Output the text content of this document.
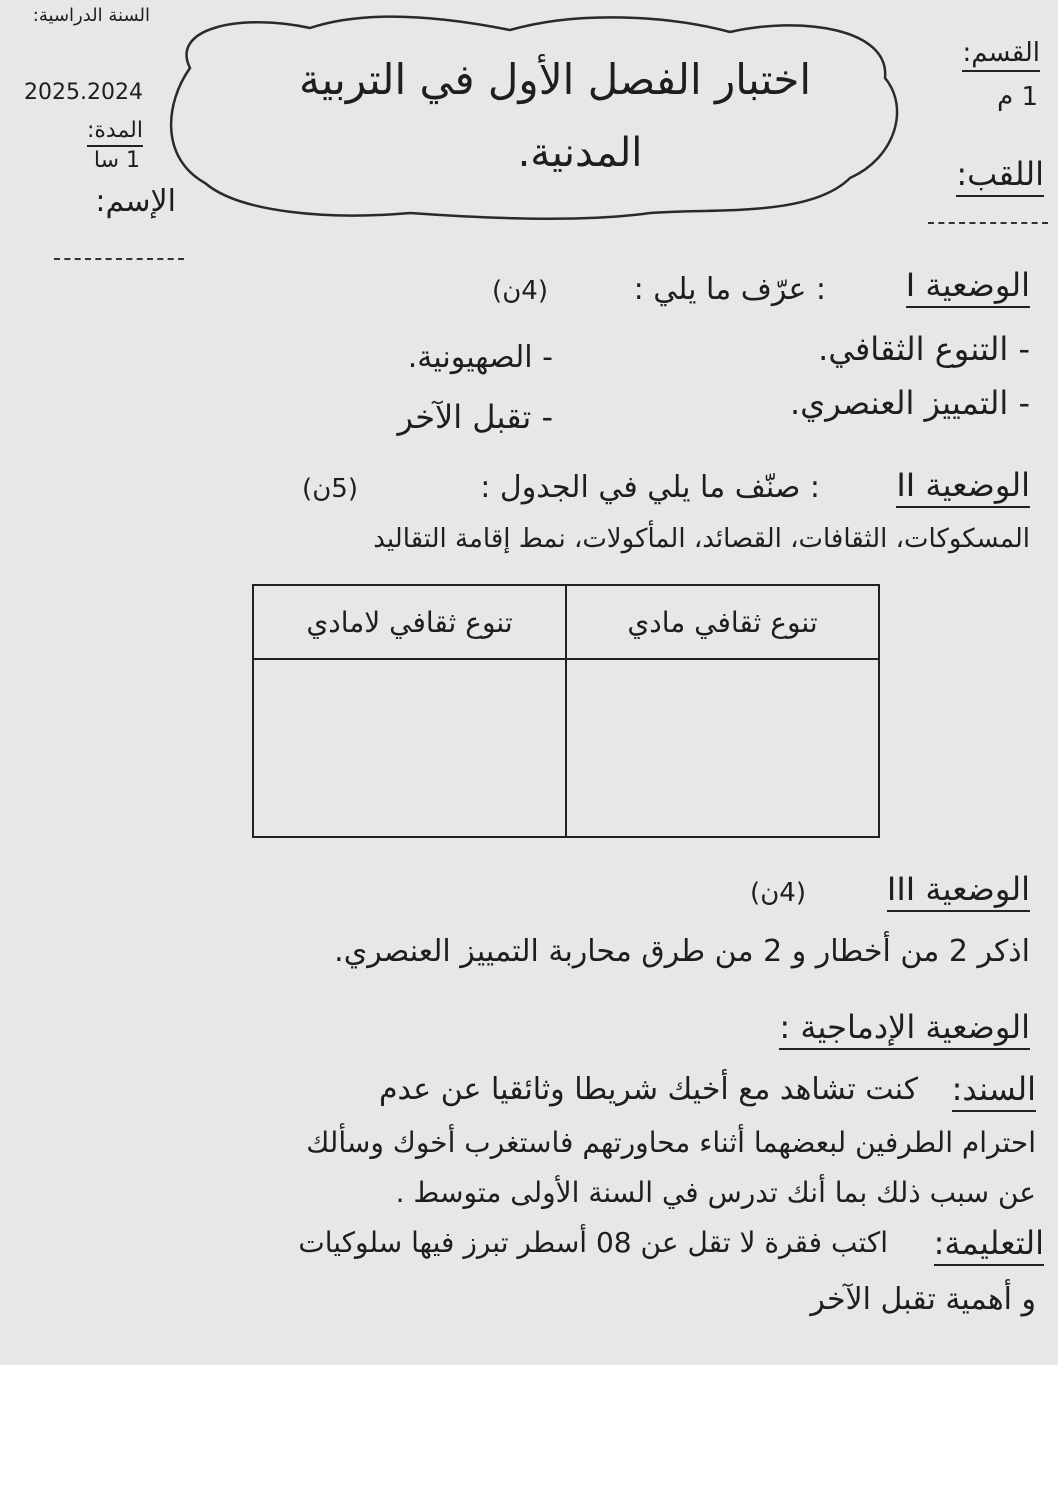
اختبار الفصل الأول في التربية
المدنية.
القسم:
1 م
اللقب:
السنة الدراسية:
2025.2024
المدة:
1 سا
الإسم:
الوضعية I
: عرّف ما يلي :
(4ن)
- التنوع الثقافي.
- الصهيونية.
- التمييز العنصري.
- تقبل الآخر
الوضعية II
: صنّف ما يلي في الجدول :
(5ن)
المسكوكات، الثقافات، القصائد، المأكولات، نمط إقامة التقاليد
تنوع ثقافي مادي	تنوع ثقافي لامادي

الوضعية III
(4ن)
اذكر 2 من أخطار و 2 من طرق محاربة التمييز العنصري.
الوضعية الإدماجية :
السند:
كنت تشاهد مع أخيك شريطا وثائقيا عن عدم
احترام الطرفين لبعضهما أثناء محاورتهم فاستغرب أخوك وسألك
عن سبب ذلك بما أنك تدرس في السنة الأولى متوسط .
التعليمة:
اكتب فقرة لا تقل عن 08 أسطر تبرز فيها سلوكيات
و أهمية تقبل الآخر
